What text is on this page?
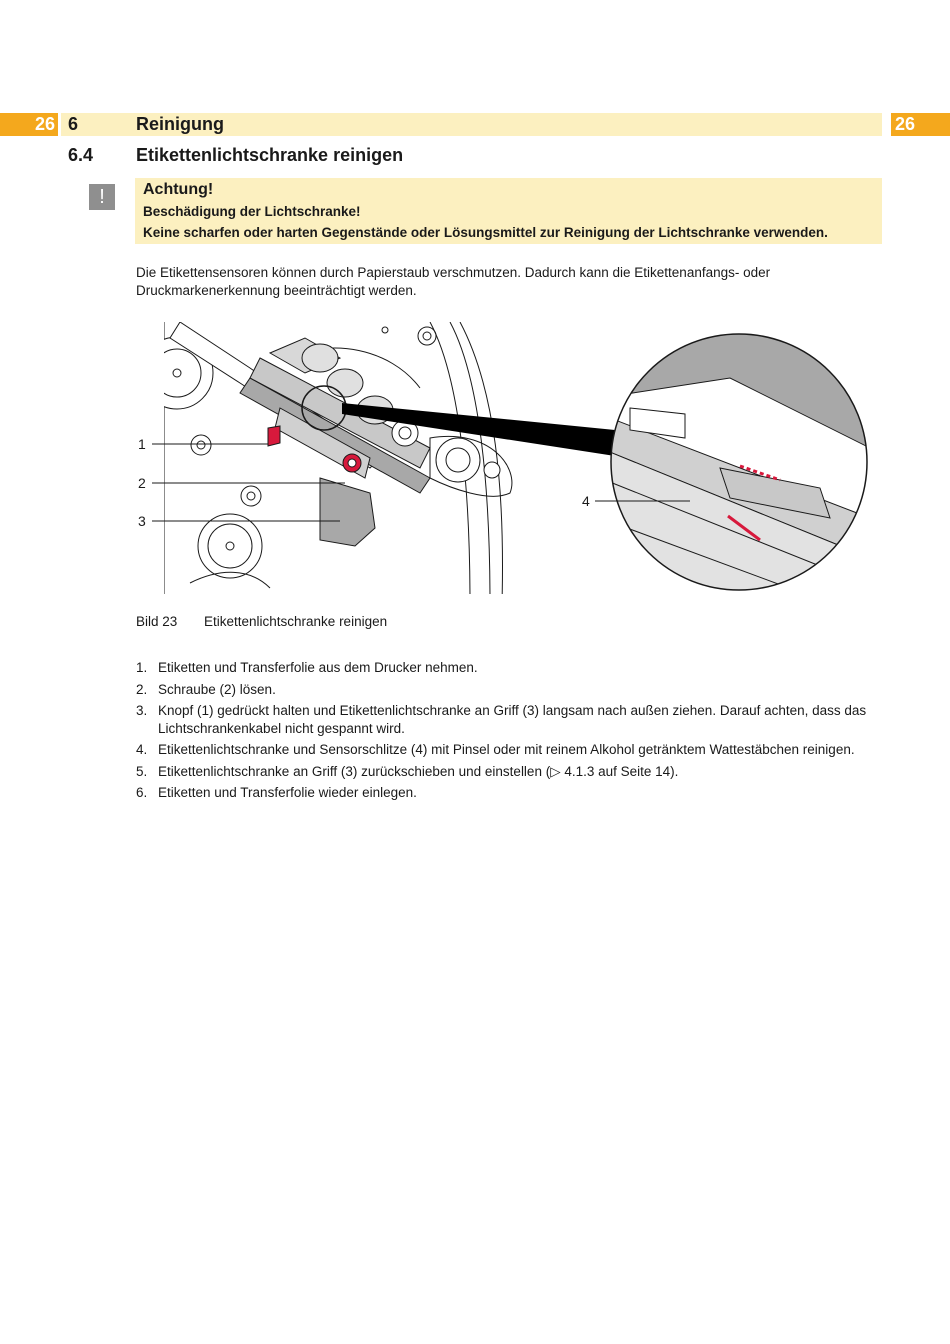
26 6	Reinigung	26
6.4 Etikettenlichtschranke reinigen
!	Achtung!
Beschädigung der Lichtschranke!
Keine scharfen oder harten Gegenstände oder Lösungsmittel zur Reinigung der Lichtschranke verwenden.
Die Etikettensensoren können durch Papierstaub verschmutzen. Dadurch kann die Etikettenanfangs- oder
Druckmarkenerkennung beeinträchtigt werden.
1
2
3
4
Bild 23 Etikettenlichtschranke reinigen
1. Etiketten und Transferfolie aus dem Drucker nehmen.
2. Schraube (2) lösen.
3. Knopf (1) gedrückt halten und Etikettenlichtschranke an Griff (3) langsam nach außen ziehen. Darauf achten, dass das Lichtschrankenkabel nicht gespannt wird.
4. Etikettenlichtschranke und Sensorschlitze (4) mit Pinsel oder mit reinem Alkohol getränktem Wattestäbchen reinigen.
5. Etikettenlichtschranke an Griff (3) zurückschieben und einstellen (▷ 4.1.3 auf Seite 14).
6. Etiketten und Transferfolie wieder einlegen.
